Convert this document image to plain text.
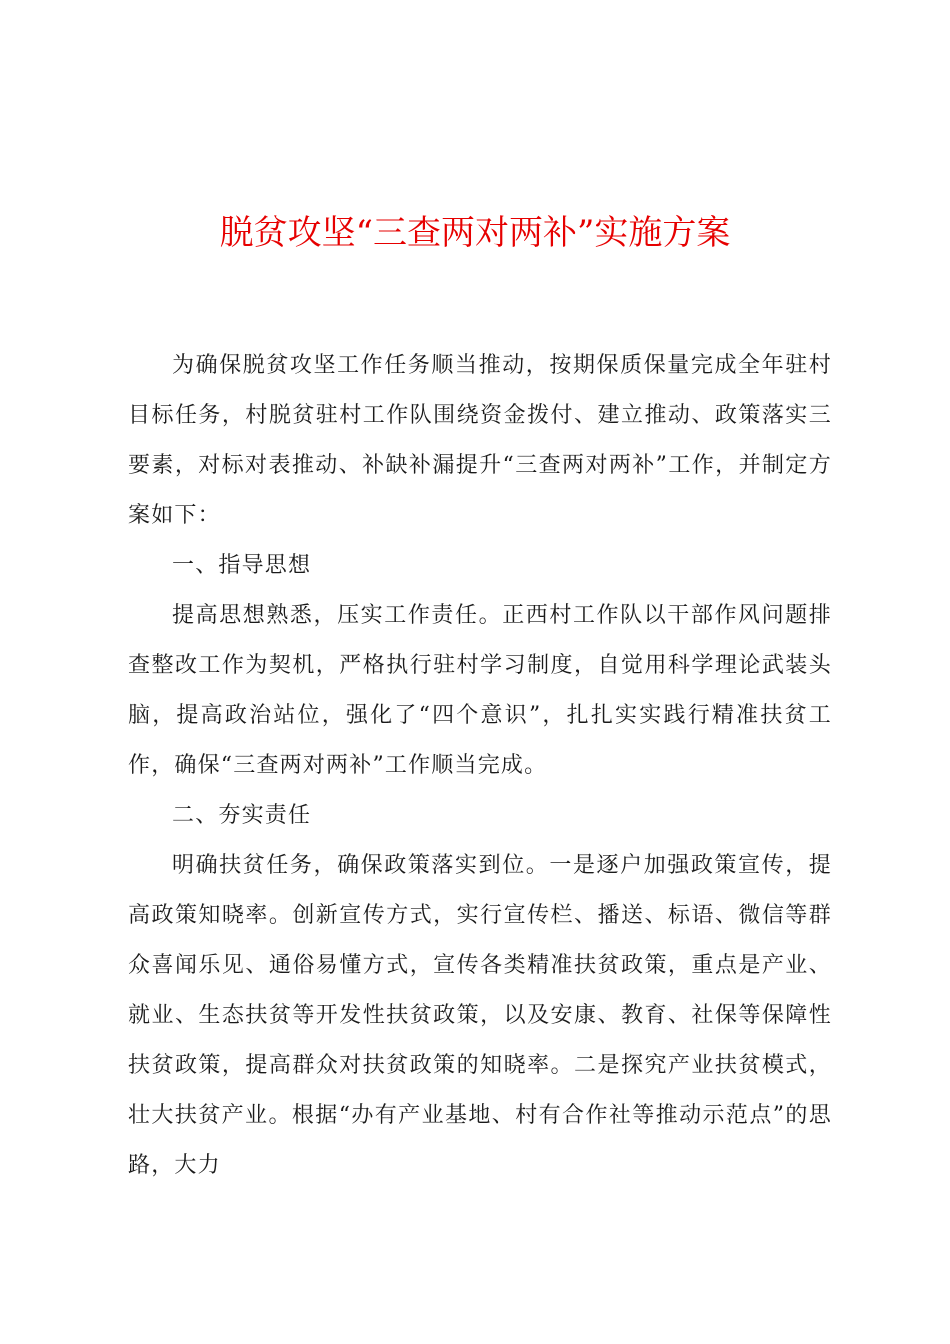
脱贫攻坚“三查两对两补”实施方案

为确保脱贫攻坚工作任务顺当推动，按期保质保量完成全年驻村目标任务，村脱贫驻村工作队围绕资金拨付、建立推动、政策落实三要素，对标对表推动、补缺补漏提升“三查两对两补”工作，并制定方案如下：

一、指导思想

提高思想熟悉，压实工作责任。正西村工作队以干部作风问题排查整改工作为契机，严格执行驻村学习制度，自觉用科学理论武装头脑，提高政治站位，强化了“四个意识”，扎扎实实践行精准扶贫工作，确保“三查两对两补”工作顺当完成。

二、夯实责任

明确扶贫任务，确保政策落实到位。一是逐户加强政策宣传，提高政策知晓率。创新宣传方式，实行宣传栏、播送、标语、微信等群众喜闻乐见、通俗易懂方式，宣传各类精准扶贫政策，重点是产业、就业、生态扶贫等开发性扶贫政策，以及安康、教育、社保等保障性扶贫政策，提高群众对扶贫政策的知晓率。二是探究产业扶贫模式，壮大扶贫产业。根据“办有产业基地、村有合作社等推动示范点”的思路，大力
